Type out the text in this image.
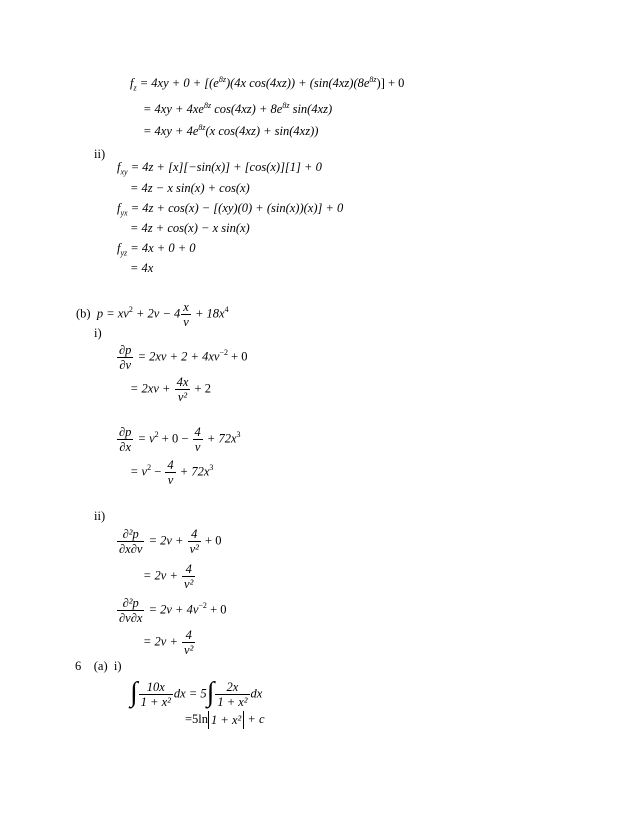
$f_z = 4xy + 0 + [(e^{8z})(4x$ $\cos(4xz)) + (\sin(4xz)(8e^{8z})] + 0$
= $4xy + 4xe^{8z}$ $\cos(4xz) + 8e^{8z}$ sin(4xz)
= $4xy + 4e^{8z}(x$ cos(4xz) + sin(4xz))
ii)
$f_{xy} = 4z + [x][-\sin(x)] + [\cos(x)][1] + 0$
= 4z − x sin(x) + cos(x)
$f_{yx} = 4z + \cos(x) - [(xy)(0) + (\sin(x))(x)] + 0$
= 4z + cos(x) − x sin(x)
$f_{yz} = 4x + 0 + 0$
= 4x
(b) $p = xv^2 + 2v - 4 \frac{x}{v} + 18x^4$
i)
$\frac{\partial p}{\partial v} = 2xv + 2 + 4xv^{-2} + 0$
= $2xv + \frac{4x}{\text{v²}} + 2$
$\frac{\partial p}{\partial x} = v^2 + 0 - \frac{4}{v} + 72x^3$
= $v^2 - \frac{4}{v} + 72x^3$
ii)
$\frac{\text{∂²p}}{\partial x\partial v} = 2v + \frac{4}{\text{v²}} + 0$
= $2v + \frac{4}{\text{v²}}$
$\frac{\text{∂²p}}{\partial v\partial x} = 2v + 4v^{-2} + 0$
= $2v + \frac{4}{\text{v²}}$
6 (a) i)
∫ $\frac{10x}{\text{1 + x²}}$ dx = $5\int \frac{2x}{\text{1 + x²}}$ dx
=5ln 1 + x² + c
